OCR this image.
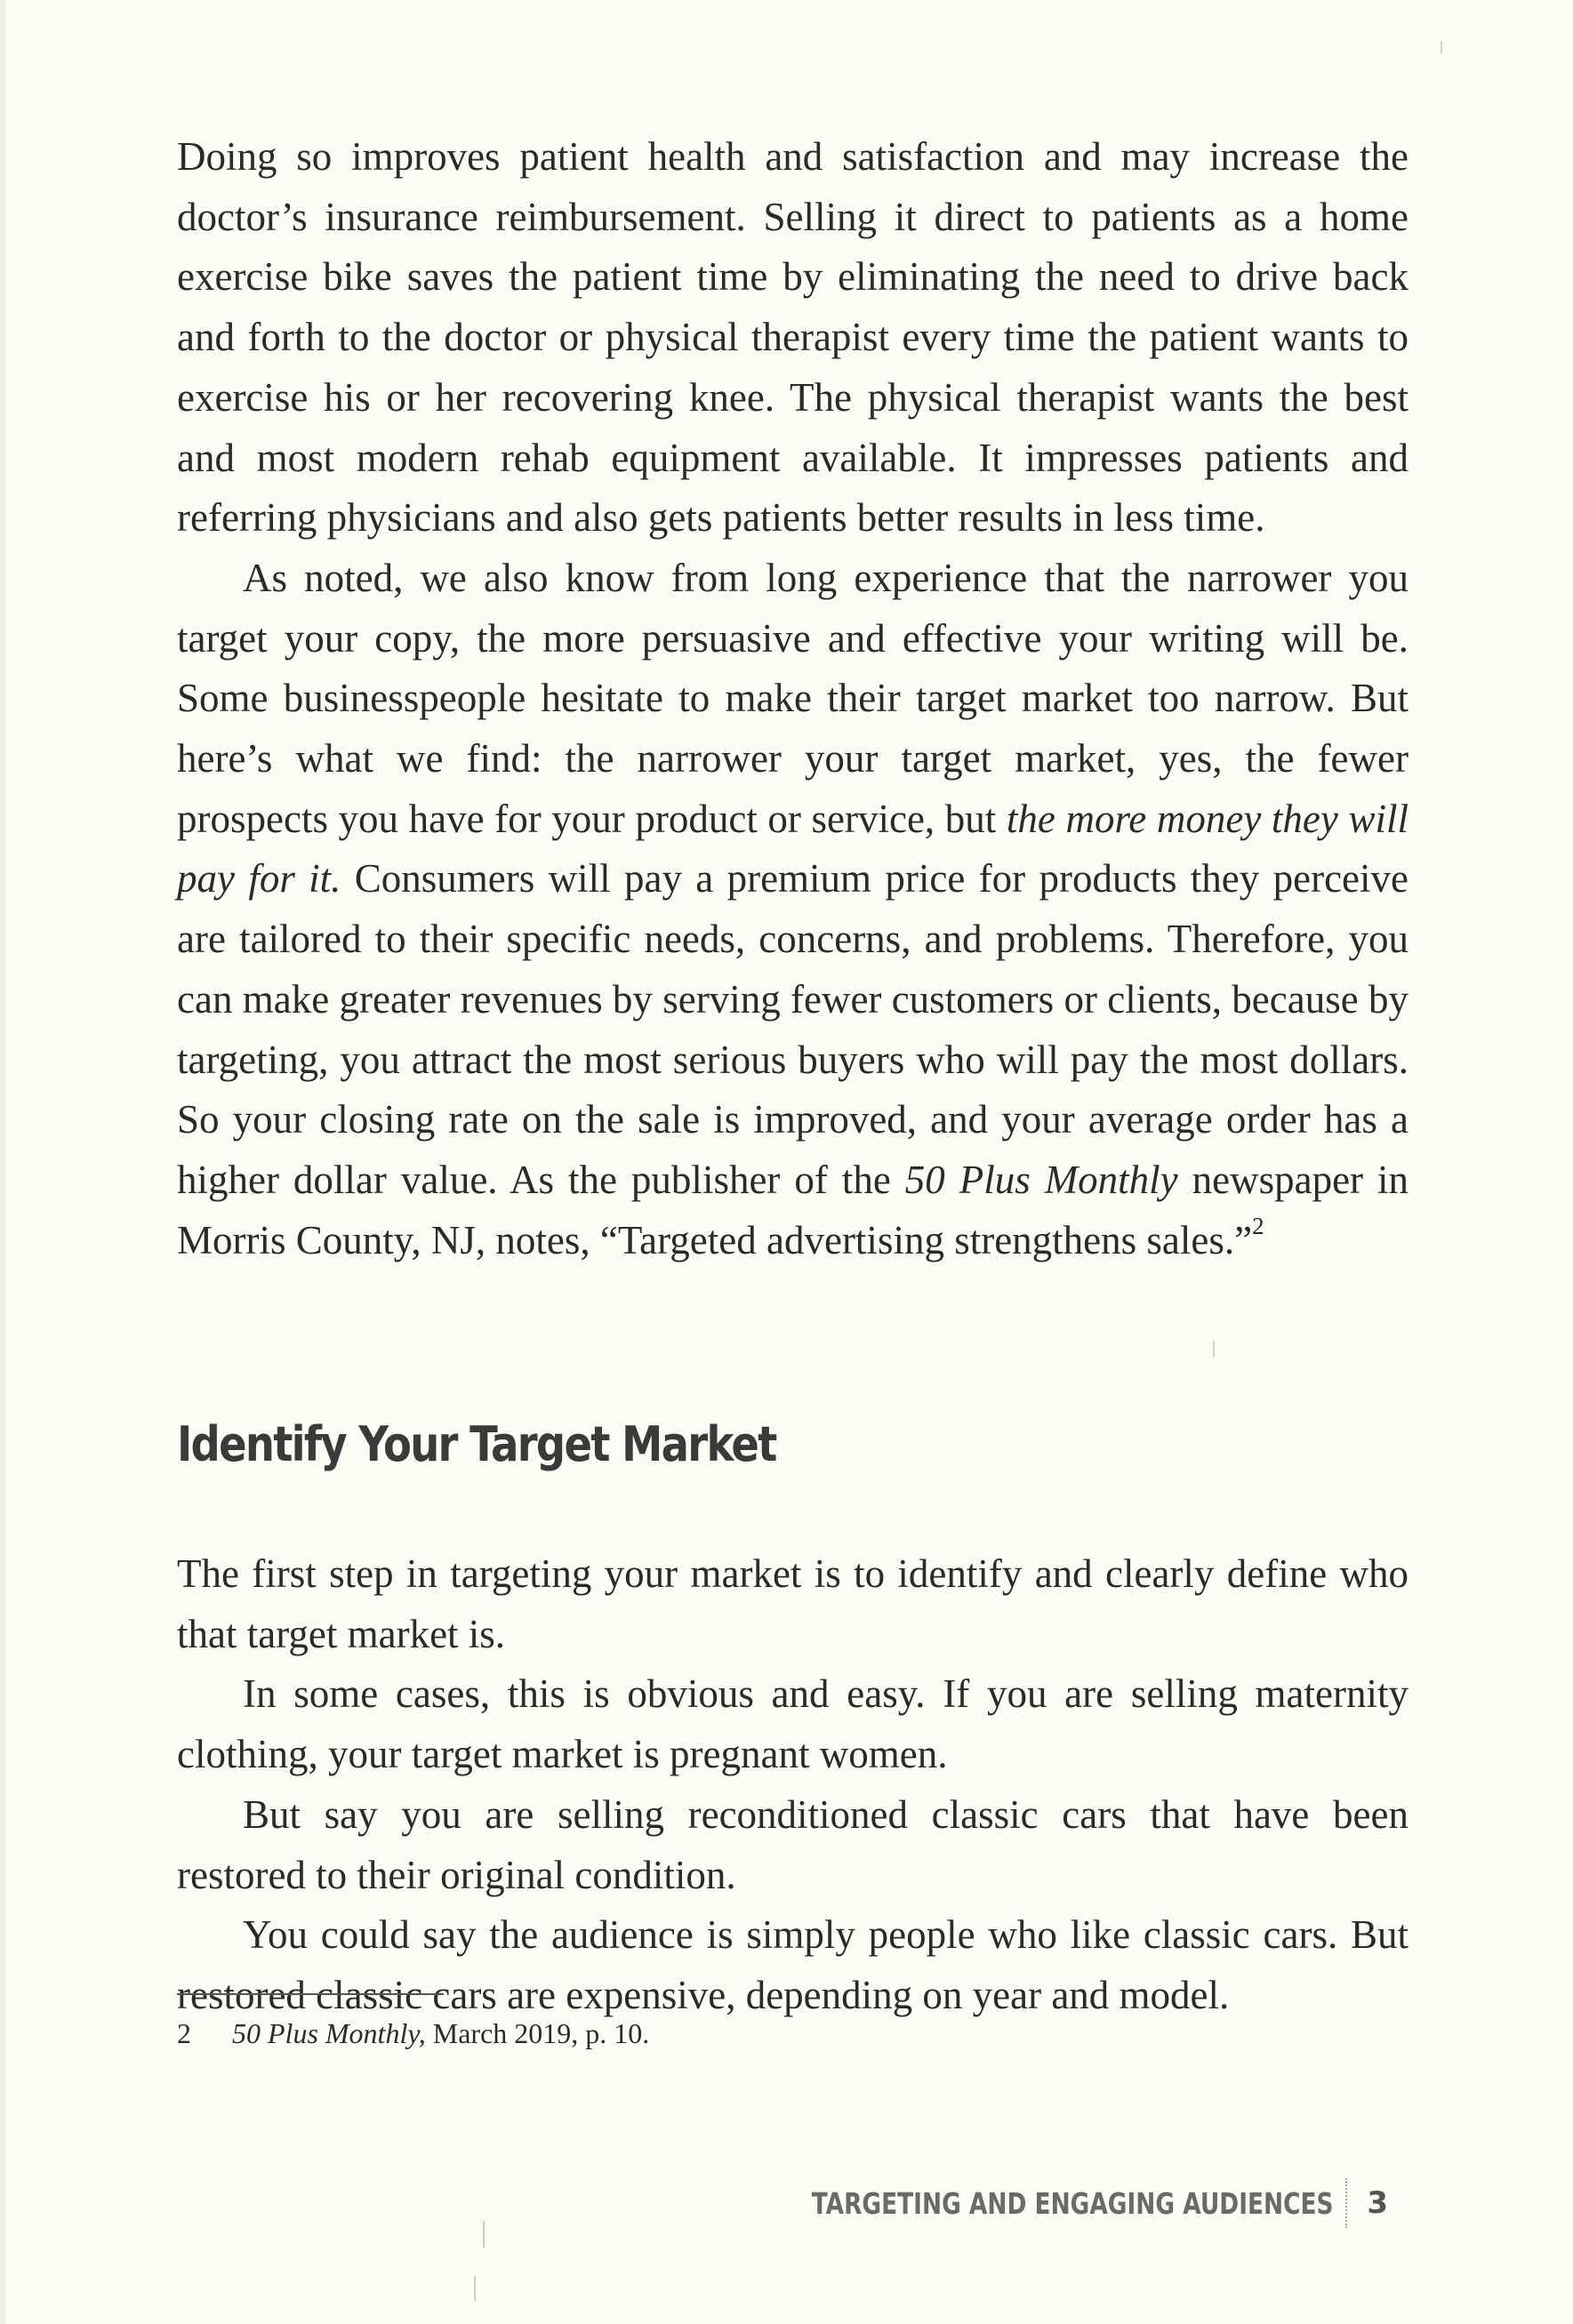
Doing so improves patient health and satisfaction and may increase the doctor’s insurance reimbursement. Selling it direct to patients as a home exercise bike saves the patient time by eliminating the need to drive back and forth to the doctor or physical therapist every time the patient wants to exercise his or her recovering knee. The physical therapist wants the best and most modern rehab equipment available. It impresses patients and referring physicians and also gets patients better results in less time.

As noted, we also know from long experience that the narrower you target your copy, the more persuasive and effective your writing will be. Some businesspeople hesitate to make their target market too narrow. But here’s what we find: the narrower your target market, yes, the fewer prospects you have for your product or service, but the more money they will pay for it. Consumers will pay a premium price for products they perceive are tailored to their specific needs, concerns, and problems. Therefore, you can make greater revenues by serving fewer customers or clients, because by targeting, you attract the most serious buyers who will pay the most dollars. So your closing rate on the sale is improved, and your average order has a higher dollar value. As the publisher of the 50 Plus Monthly newspaper in Morris County, NJ, notes, “Targeted advertising strengthens sales.”$^2$

Identify Your Target Market

The first step in targeting your market is to identify and clearly define who that target market is.

In some cases, this is obvious and easy. If you are selling maternity clothing, your target market is pregnant women.

But say you are selling reconditioned classic cars that have been restored to their original condition.

You could say the audience is simply people who like classic cars. But restored classic cars are expensive, depending on year and model.

2 50 Plus Monthly, March 2019, p. 10.
TARGETING AND ENGAGING AUDIENCES 3
